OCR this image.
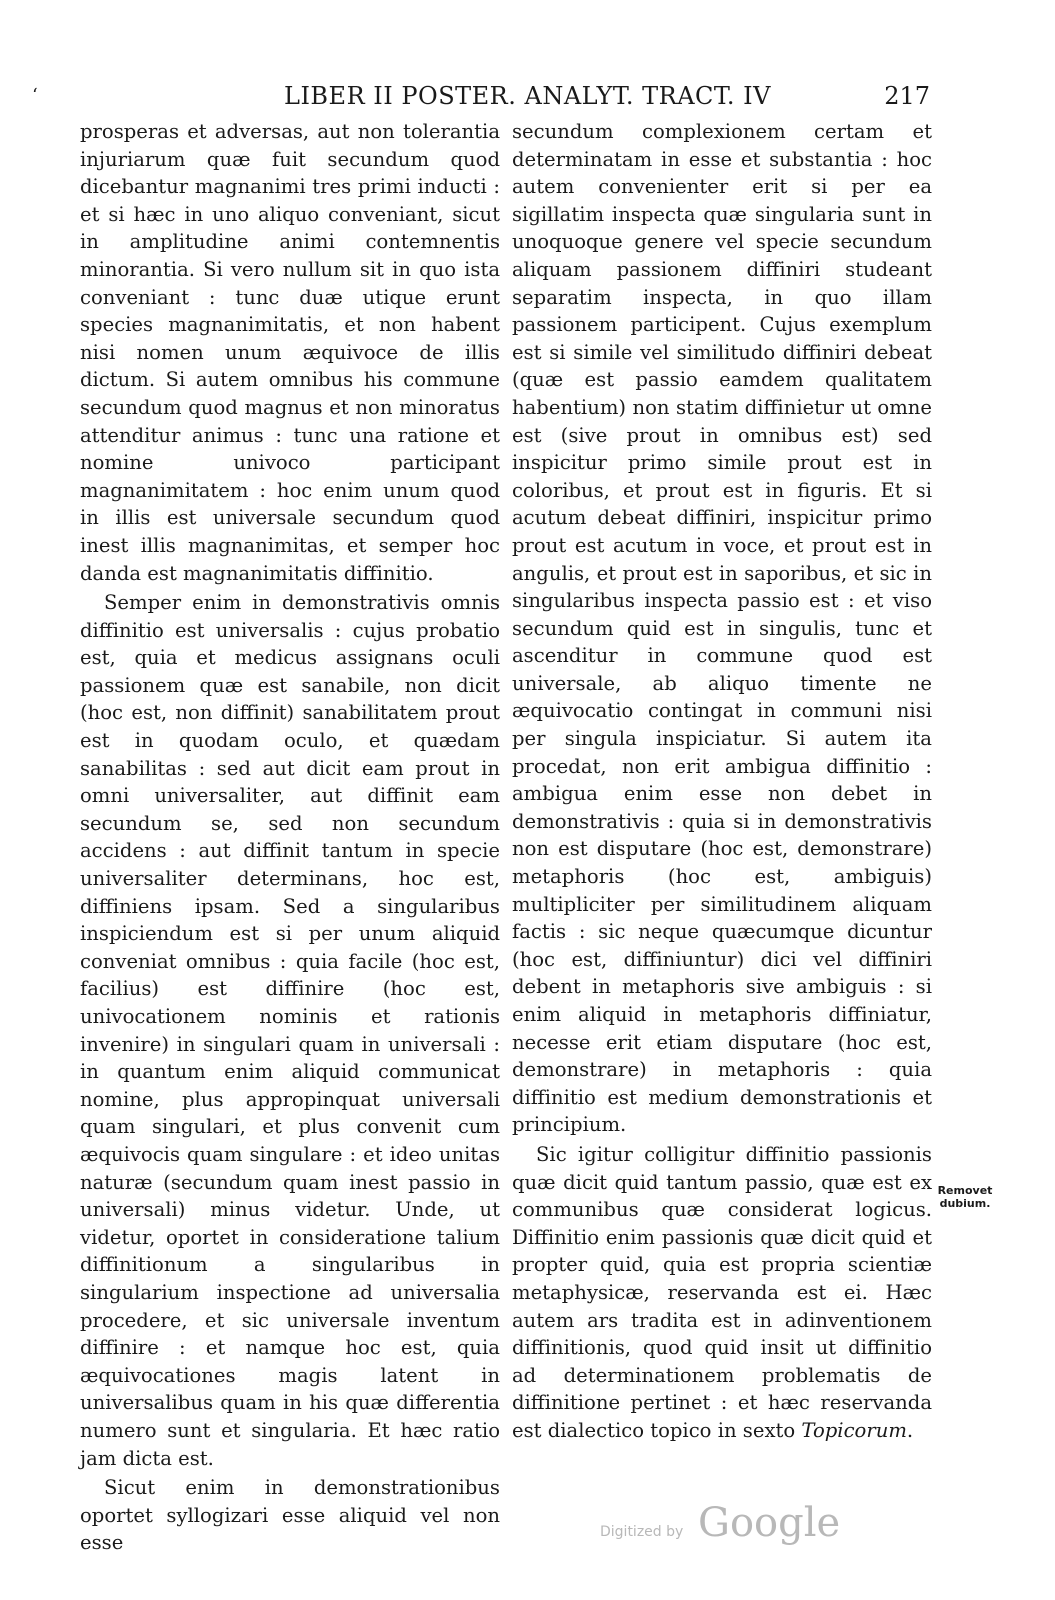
‘	LIBER II POSTER. ANALYT. TRACT. IV	217

prosperas et adversas, aut non tolerantia injuriarum quæ fuit secundum quod dicebantur magnanimi tres primi inducti : et si hæc in uno aliquo conveniant, sicut in amplitudine animi contemnentis minorantia. Si vero nullum sit in quo ista conveniant : tunc duæ utique erunt species magnanimitatis, et non habent nisi nomen unum æquivoce de illis dictum. Si autem omnibus his commune secundum quod magnus et non minoratus attenditur animus : tunc una ratione et nomine univoco participant magnanimitatem : hoc enim unum quod in illis est universale secundum quod inest illis magnanimitas, et semper hoc danda est magnanimitatis diffinitio.

Semper enim in demonstrativis omnis diffinitio est universalis : cujus probatio est, quia et medicus assignans oculi passionem quæ est sanabile, non dicit (hoc est, non diffinit) sanabilitatem prout est in quodam oculo, et quædam sanabilitas : sed aut dicit eam prout in omni universaliter, aut diffinit eam secundum se, sed non secundum accidens : aut diffinit tantum in specie universaliter determinans, hoc est, diffiniens ipsam. Sed a singularibus inspiciendum est si per unum aliquid conveniat omnibus : quia facile (hoc est, facilius) est diffinire (hoc est, univocationem nominis et rationis invenire) in singulari quam in universali : in quantum enim aliquid communicat nomine, plus appropinquat universali quam singulari, et plus convenit cum æquivocis quam singulare : et ideo unitas naturæ (secundum quam inest passio in universali) minus videtur. Unde, ut videtur, oportet in consideratione talium diffinitionum a singularibus in singularium inspectione ad universalia procedere, et sic universale inventum diffinire : et namque hoc est, quia æquivocationes magis latent in universalibus quam in his quæ differentia numero sunt et singularia. Et hæc ratio jam dicta est.

Sicut enim in demonstrationibus oportet syllogizari esse aliquid vel non esse

secundum complexionem certam et determinatam in esse et substantia : hoc autem convenienter erit si per ea sigillatim inspecta quæ singularia sunt in unoquoque genere vel specie secundum aliquam passionem diffiniri studeant separatim inspecta, in quo illam passionem participent. Cujus exemplum est si simile vel similitudo diffiniri debeat (quæ est passio eamdem qualitatem habentium) non statim diffinietur ut omne est (sive prout in omnibus est) sed inspicitur primo simile prout est in coloribus, et prout est in figuris. Et si acutum debeat diffiniri, inspicitur primo prout est acutum in voce, et prout est in angulis, et prout est in saporibus, et sic in singularibus inspecta passio est : et viso secundum quid est in singulis, tunc et ascenditur in commune quod est universale, ab aliquo timente ne æquivocatio contingat in communi nisi per singula inspiciatur. Si autem ita procedat, non erit ambigua diffinitio : ambigua enim esse non debet in demonstrativis : quia si in demonstrativis non est disputare (hoc est, demonstrare) metaphoris (hoc est, ambiguis) multipliciter per similitudinem aliquam factis : sic neque quæcumque dicuntur (hoc est, diffiniuntur) dici vel diffiniri debent in metaphoris sive ambiguis : si enim aliquid in metaphoris diffiniatur, necesse erit etiam disputare (hoc est, demonstrare) in metaphoris : quia diffinitio est medium demonstrationis et principium.

Sic igitur colligitur diffinitio passionis quæ dicit quid tantum passio, quæ est ex communibus quæ considerat logicus. Diffinitio enim passionis quæ dicit quid et propter quid, quia est propria scientiæ metaphysicæ, reservanda est ei. Hæc autem ars tradita est in adinventionem diffinitionis, quod quid insit ut diffinitio ad determinationem problematis de diffinitione pertinet : et hæc reservanda est dialectico topico in sexto Topicorum.

Removet
dubium.
Digitized by Google
